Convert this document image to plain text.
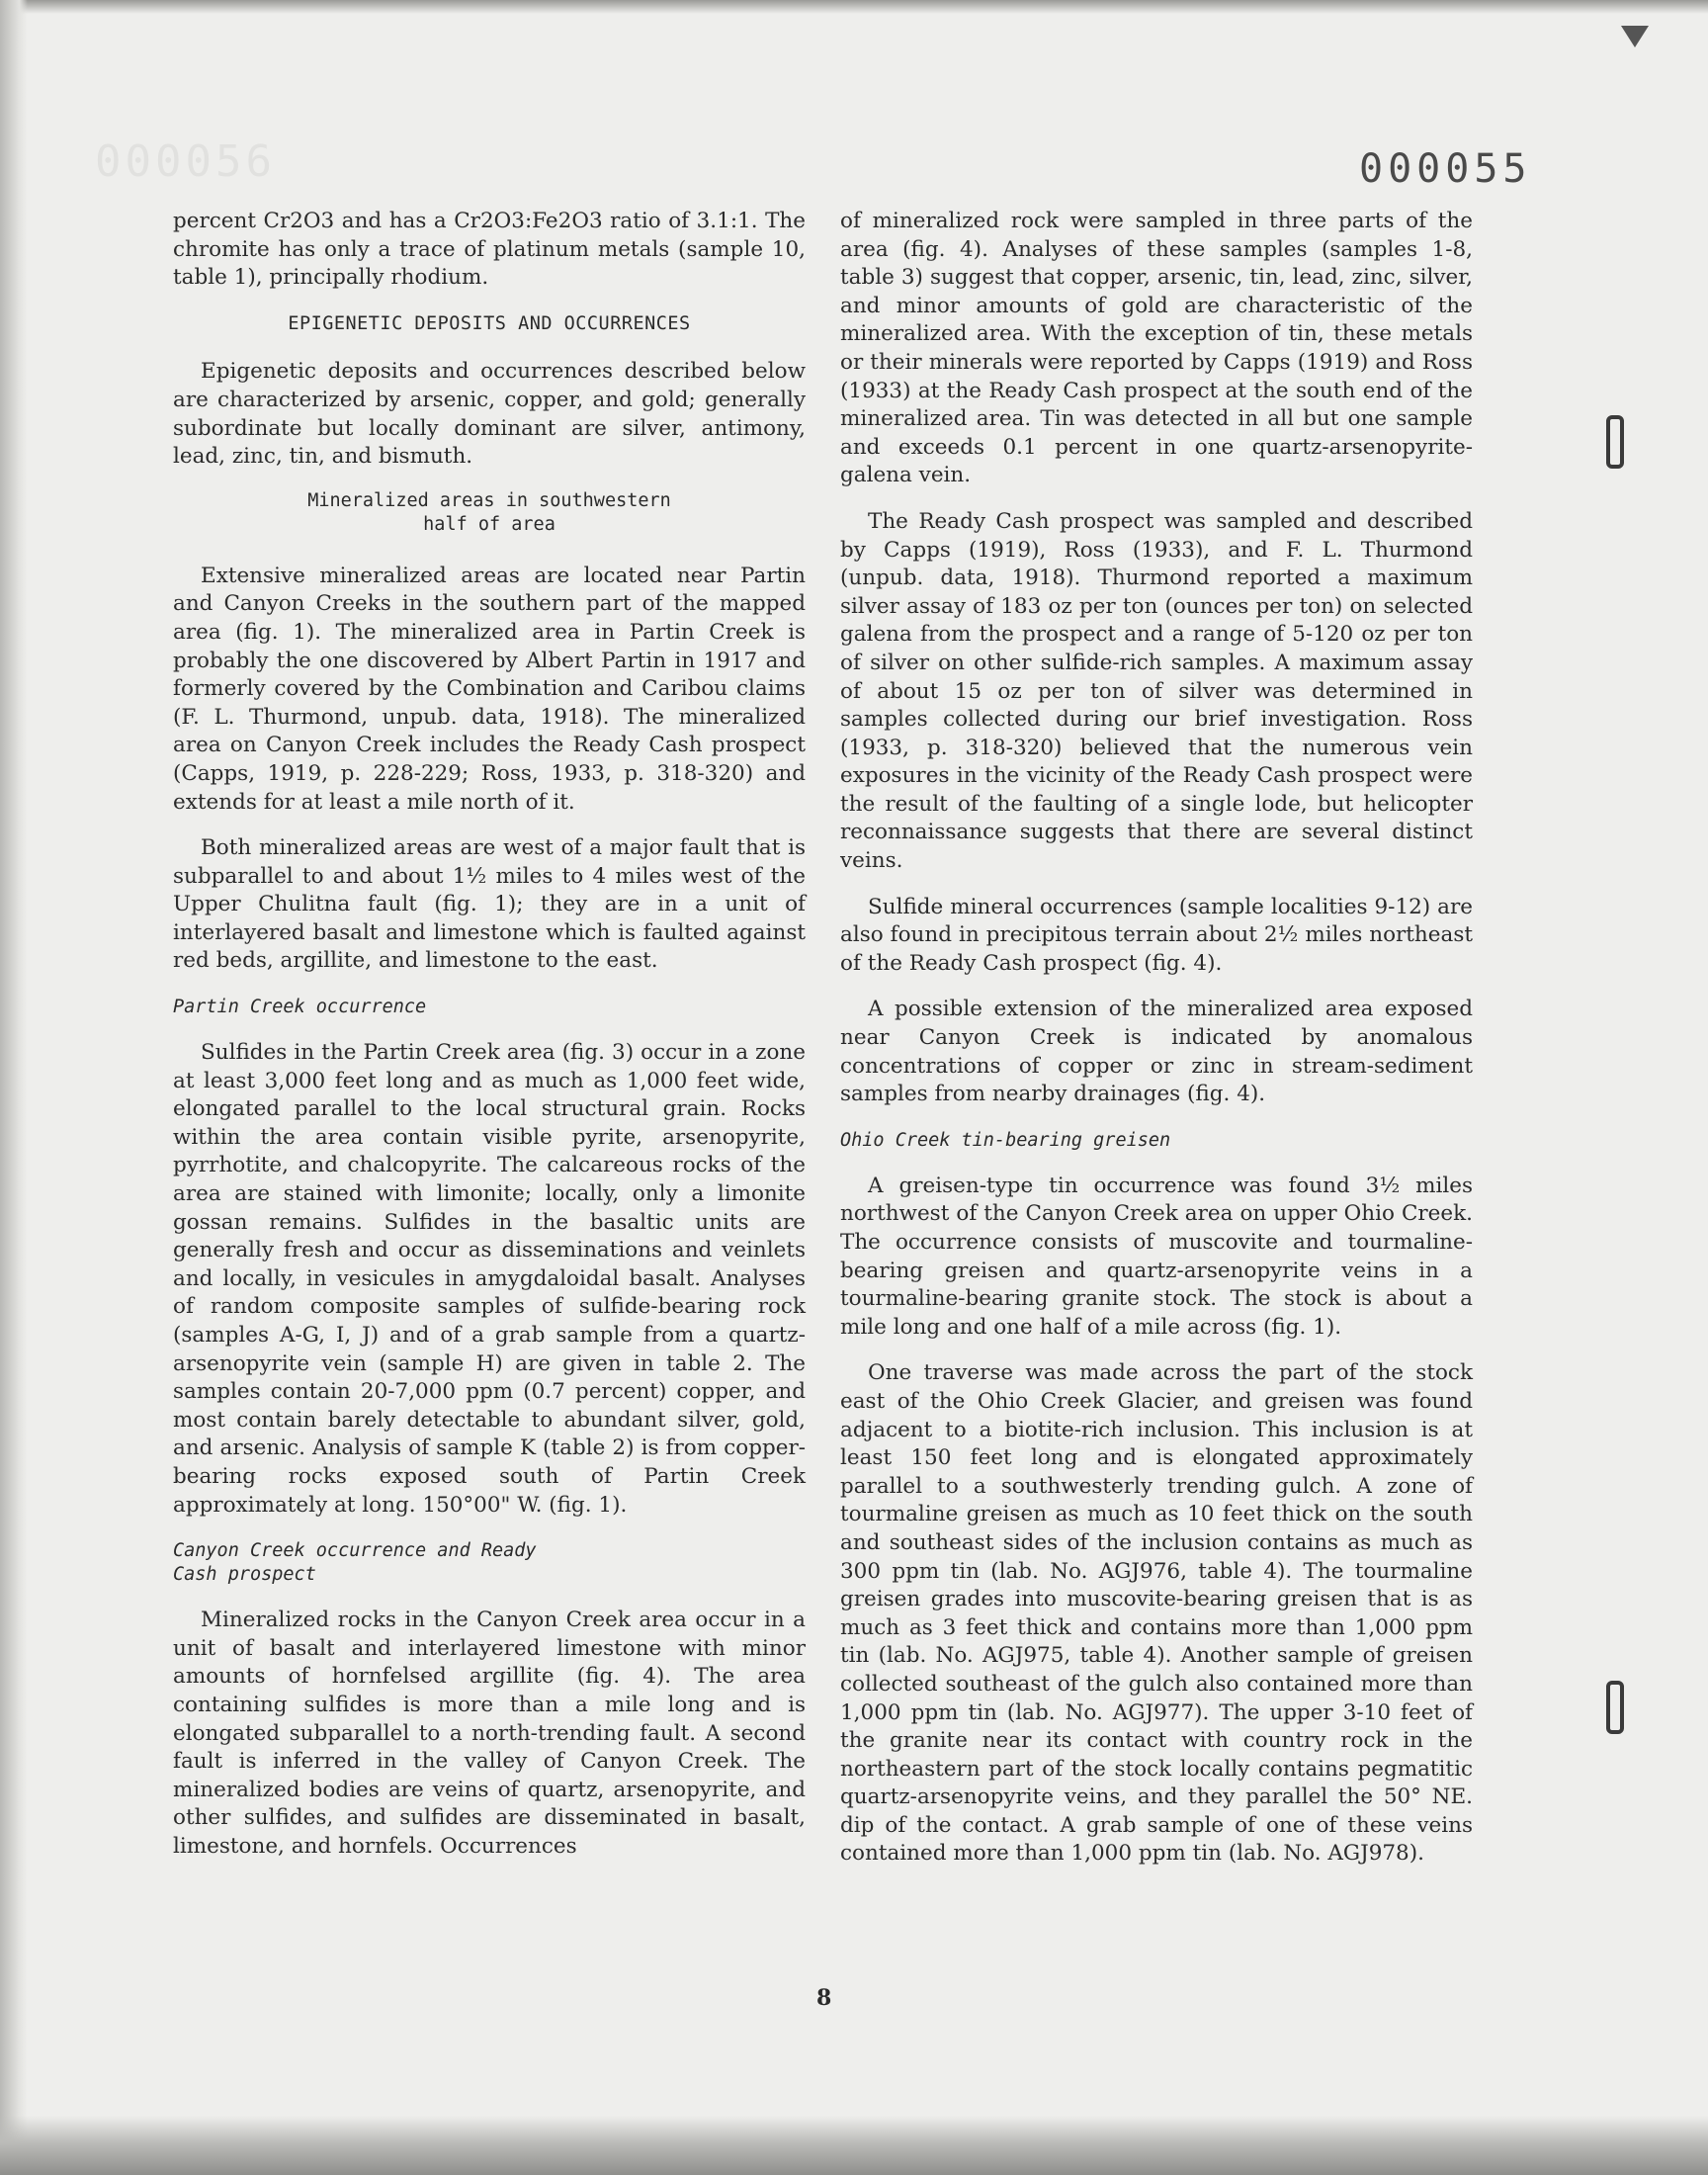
000056	000055

percent Cr2O3 and has a Cr2O3:Fe2O3 ratio of 3.1:1. The chromite has only a trace of platinum metals (sample 10, table 1), principally rhodium.

EPIGENETIC DEPOSITS AND OCCURRENCES

Epigenetic deposits and occurrences described below are characterized by arsenic, copper, and gold; generally subordinate but locally dominant are silver, antimony, lead, zinc, tin, and bismuth.

Mineralized areas in southwestern
half of area

Extensive mineralized areas are located near Partin and Canyon Creeks in the southern part of the mapped area (fig. 1). The mineralized area in Partin Creek is probably the one discovered by Albert Partin in 1917 and formerly covered by the Combination and Caribou claims (F. L. Thurmond, unpub. data, 1918). The mineralized area on Canyon Creek includes the Ready Cash prospect (Capps, 1919, p. 228-229; Ross, 1933, p. 318-320) and extends for at least a mile north of it.

Both mineralized areas are west of a major fault that is subparallel to and about 1½ miles to 4 miles west of the Upper Chulitna fault (fig. 1); they are in a unit of interlayered basalt and limestone which is faulted against red beds, argillite, and limestone to the east.

Partin Creek occurrence

Sulfides in the Partin Creek area (fig. 3) occur in a zone at least 3,000 feet long and as much as 1,000 feet wide, elongated parallel to the local structural grain. Rocks within the area contain visible pyrite, arsenopyrite, pyrrhotite, and chalcopyrite. The calcareous rocks of the area are stained with limonite; locally, only a limonite gossan remains. Sulfides in the basaltic units are generally fresh and occur as disseminations and veinlets and locally, in vesicules in amygdaloidal basalt. Analyses of random composite samples of sulfide-bearing rock (samples A-G, I, J) and of a grab sample from a quartz-arsenopyrite vein (sample H) are given in table 2. The samples contain 20-7,000 ppm (0.7 percent) copper, and most contain barely detectable to abundant silver, gold, and arsenic. Analysis of sample K (table 2) is from copper-bearing rocks exposed south of Partin Creek approximately at long. 150°00" W. (fig. 1).

Canyon Creek occurrence and Ready
Cash prospect

Mineralized rocks in the Canyon Creek area occur in a unit of basalt and interlayered limestone with minor amounts of hornfelsed argillite (fig. 4). The area containing sulfides is more than a mile long and is elongated subparallel to a north-trending fault. A second fault is inferred in the valley of Canyon Creek. The mineralized bodies are veins of quartz, arsenopyrite, and other sulfides, and sulfides are disseminated in basalt, limestone, and hornfels. Occurrences

of mineralized rock were sampled in three parts of the area (fig. 4). Analyses of these samples (samples 1-8, table 3) suggest that copper, arsenic, tin, lead, zinc, silver, and minor amounts of gold are characteristic of the mineralized area. With the exception of tin, these metals or their minerals were reported by Capps (1919) and Ross (1933) at the Ready Cash prospect at the south end of the mineralized area. Tin was detected in all but one sample and exceeds 0.1 percent in one quartz-arsenopyrite-galena vein.

The Ready Cash prospect was sampled and described by Capps (1919), Ross (1933), and F. L. Thurmond (unpub. data, 1918). Thurmond reported a maximum silver assay of 183 oz per ton (ounces per ton) on selected galena from the prospect and a range of 5-120 oz per ton of silver on other sulfide-rich samples. A maximum assay of about 15 oz per ton of silver was determined in samples collected during our brief investigation. Ross (1933, p. 318-320) believed that the numerous vein exposures in the vicinity of the Ready Cash prospect were the result of the faulting of a single lode, but helicopter reconnaissance suggests that there are several distinct veins.

Sulfide mineral occurrences (sample localities 9-12) are also found in precipitous terrain about 2½ miles northeast of the Ready Cash prospect (fig. 4).

A possible extension of the mineralized area exposed near Canyon Creek is indicated by anomalous concentrations of copper or zinc in stream-sediment samples from nearby drainages (fig. 4).

Ohio Creek tin-bearing greisen

A greisen-type tin occurrence was found 3½ miles northwest of the Canyon Creek area on upper Ohio Creek. The occurrence consists of muscovite and tourmaline-bearing greisen and quartz-arsenopyrite veins in a tourmaline-bearing granite stock. The stock is about a mile long and one half of a mile across (fig. 1).

One traverse was made across the part of the stock east of the Ohio Creek Glacier, and greisen was found adjacent to a biotite-rich inclusion. This inclusion is at least 150 feet long and is elongated approximately parallel to a southwesterly trending gulch. A zone of tourmaline greisen as much as 10 feet thick on the south and southeast sides of the inclusion contains as much as 300 ppm tin (lab. No. AGJ976, table 4). The tourmaline greisen grades into muscovite-bearing greisen that is as much as 3 feet thick and contains more than 1,000 ppm tin (lab. No. AGJ975, table 4). Another sample of greisen collected southeast of the gulch also contained more than 1,000 ppm tin (lab. No. AGJ977). The upper 3-10 feet of the granite near its contact with country rock in the northeastern part of the stock locally contains pegmatitic quartz-arsenopyrite veins, and they parallel the 50° NE. dip of the contact. A grab sample of one of these veins contained more than 1,000 ppm tin (lab. No. AGJ978).

8
